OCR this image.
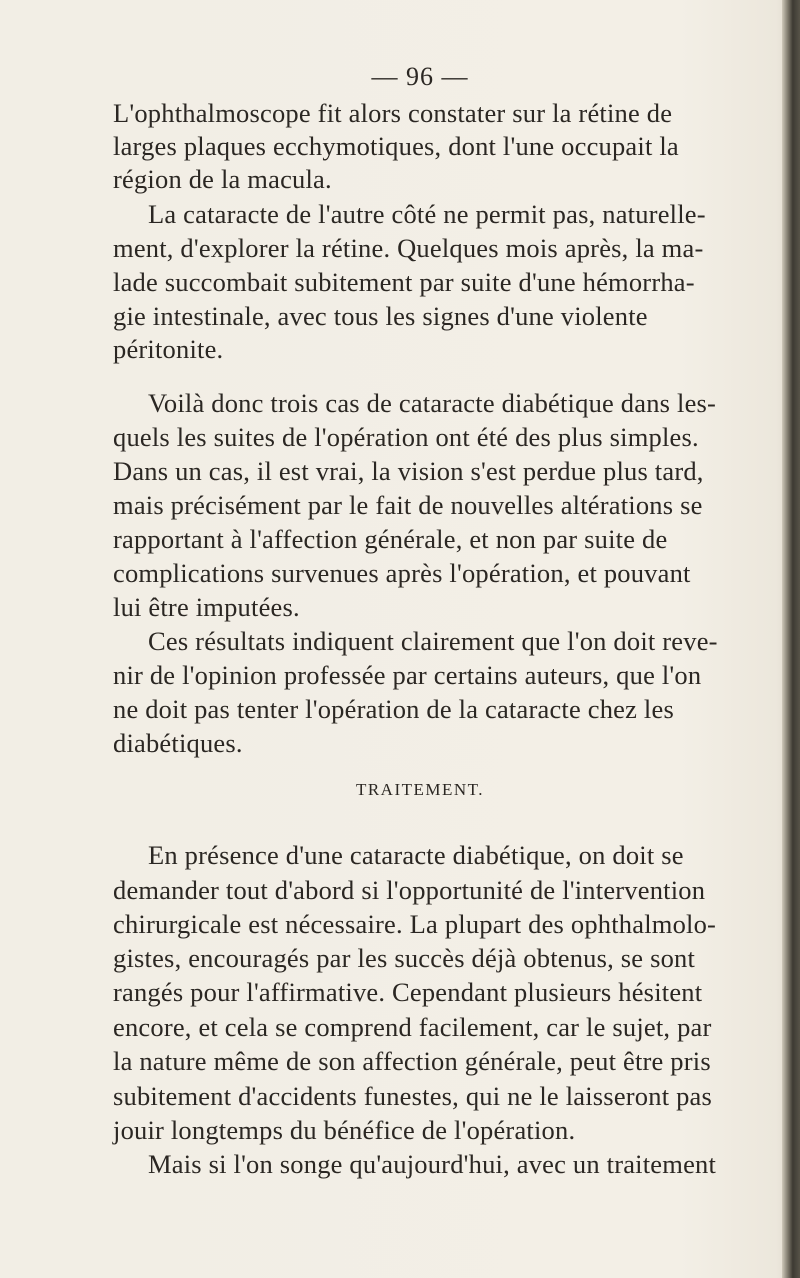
— 96 —
L'ophthalmoscope fit alors constater sur la rétine de
larges plaques ecchymotiques, dont l'une occupait la
région de la macula.
La cataracte de l'autre côté ne permit pas, naturelle-
ment, d'explorer la rétine. Quelques mois après, la ma-
lade succombait subitement par suite d'une hémorrha-
gie intestinale, avec tous les signes d'une violente
péritonite.
Voilà donc trois cas de cataracte diabétique dans les-
quels les suites de l'opération ont été des plus simples.
Dans un cas, il est vrai, la vision s'est perdue plus tard,
mais précisément par le fait de nouvelles altérations se
rapportant à l'affection générale, et non par suite de
complications survenues après l'opération, et pouvant
lui être imputées.
Ces résultats indiquent clairement que l'on doit reve-
nir de l'opinion professée par certains auteurs, que l'on
ne doit pas tenter l'opération de la cataracte chez les
diabétiques.
TRAITEMENT.
En présence d'une cataracte diabétique, on doit se
demander tout d'abord si l'opportunité de l'intervention
chirurgicale est nécessaire. La plupart des ophthalmolo-
gistes, encouragés par les succès déjà obtenus, se sont
rangés pour l'affirmative. Cependant plusieurs hésitent
encore, et cela se comprend facilement, car le sujet, par
la nature même de son affection générale, peut être pris
subitement d'accidents funestes, qui ne le laisseront pas
jouir longtemps du bénéfice de l'opération.
Mais si l'on songe qu'aujourd'hui, avec un traitement
